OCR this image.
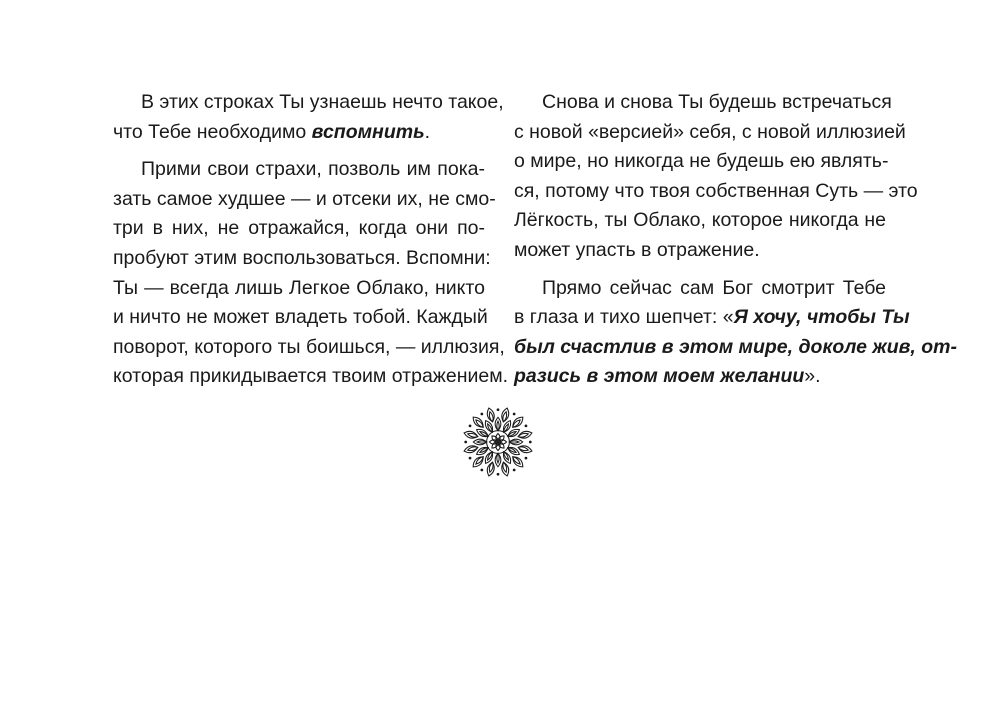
В этих строках Ты узнаешь нечто такое,
что Тебе необходимо вспомнить.
Прими свои страхи, позволь им пока-
зать самое худшее — и отсеки их, не смо-
три в них, не отражайся, когда они по-
пробуют этим воспользоваться. Вспомни:
Ты — всегда лишь Легкое Облако, никто
и ничто не может владеть тобой. Каждый
поворот, которого ты боишься, — иллюзия,
которая прикидывается твоим отражением.
Снова и снова Ты будешь встречаться
с новой «версией» себя, с новой иллюзией
о мире, но никогда не будешь ею являть-
ся, потому что твоя собственная Суть — это
Лёгкость, ты Облако, которое никогда не
может упасть в отражение.
Прямо сейчас сам Бог смотрит Тебе
в глаза и тихо шепчет: «Я хочу, чтобы Ты
был счастлив в этом мире, доколе жив, от-
разись в этом моем желании».
